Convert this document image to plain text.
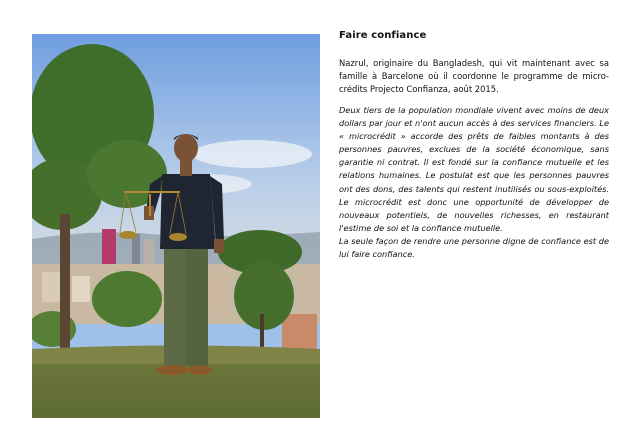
Faire confiance

Nazrul, originaire du Bangladesh, qui vit maintenant avec sa famille à Barcelone où il coordonne le programme de micro-crédits Projecto Confianza, août 2015.

Deux tiers de la population mondiale vivent avec moins de deux dollars par jour et n'ont aucun accès à des services financiers. Le « microcrédit » accorde des prêts de faibles montants à des personnes pauvres, exclues de la société économique, sans garantie ni contrat. Il est fondé sur la confiance mutuelle et les relations humaines. Le postulat est que les personnes pauvres ont des dons, des talents qui restent inutilisés ou sous-exploités. Le microcrédit est donc une opportunité de développer de nouveaux potentiels, de nouvelles richesses, en restaurant l'estime de soi et la confiance mutuelle.
La seule façon de rendre une personne digne de confiance est de lui faire confiance.
